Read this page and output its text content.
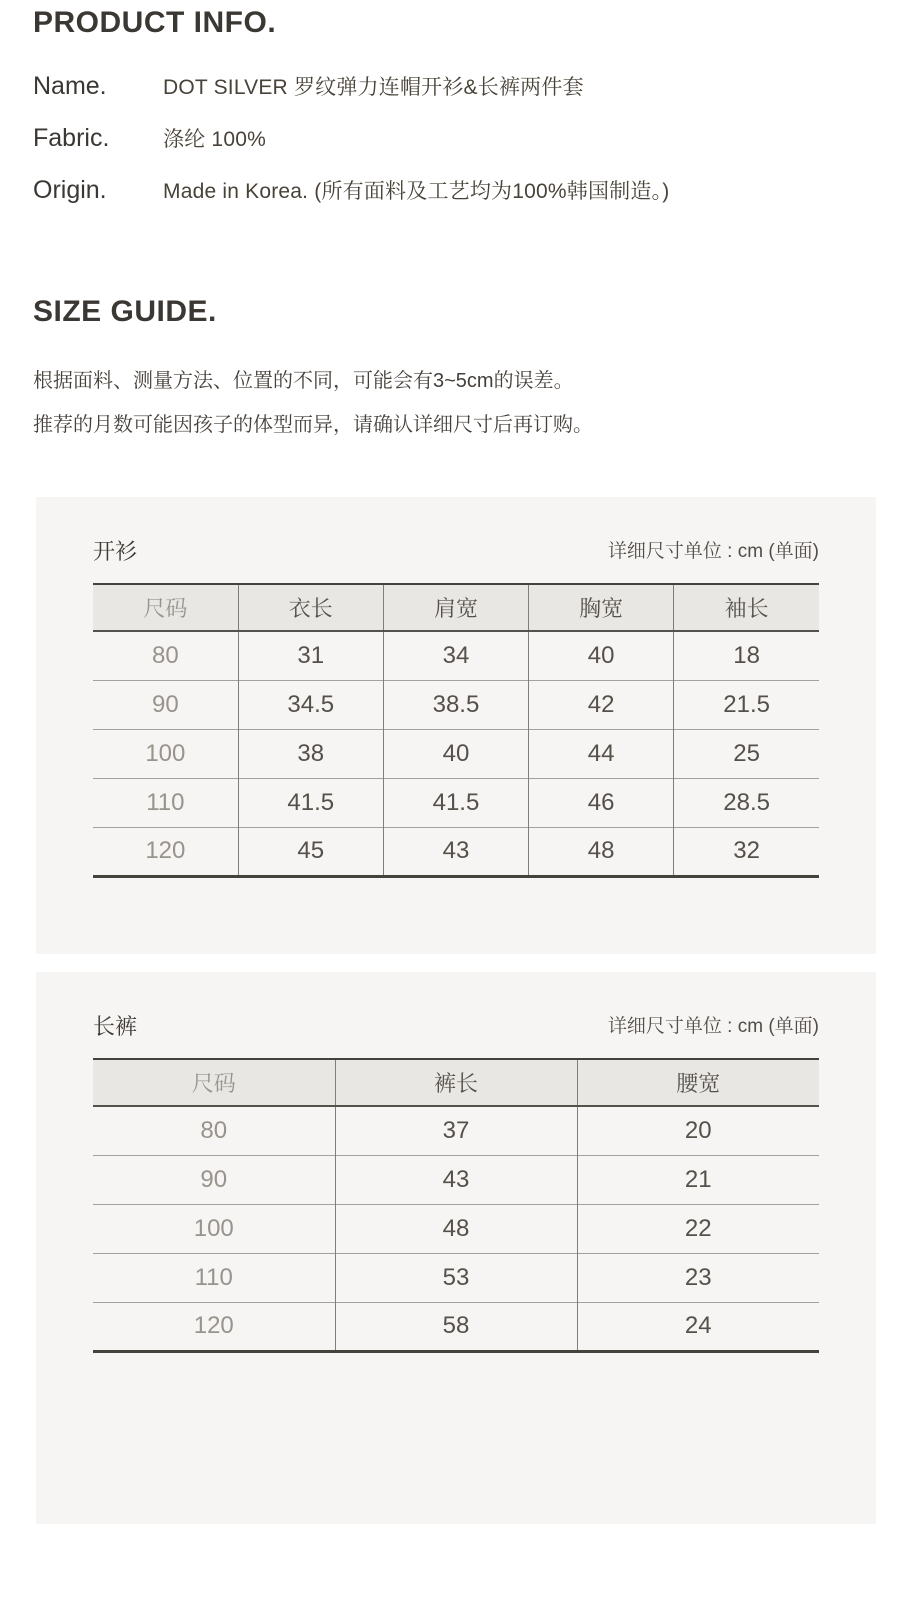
PRODUCT INFO.
Name.	DOT SILVER 罗纹弹力连帽开衫&长裤两件套
Fabric.	涤纶 100%
Origin.	Made in Korea. (所有面料及工艺均为100%韩国制造。)
SIZE GUIDE.

根据面料、测量方法、位置的不同，可能会有3~5cm的误差。

推荐的月数可能因孩子的体型而异，请确认详细尺寸后再订购。

开衫	详细尺寸单位 : cm (单面)
尺码	衣长	肩宽	胸宽	袖长
80	31	34	40	18
90	34.5	38.5	42	21.5
100	38	40	44	25
110	41.5	41.5	46	28.5
120	45	43	48	32
长裤	详细尺寸单位 : cm (单面)
尺码	裤长	腰宽
80	37	20
90	43	21
100	48	22
110	53	23
120	58	24
